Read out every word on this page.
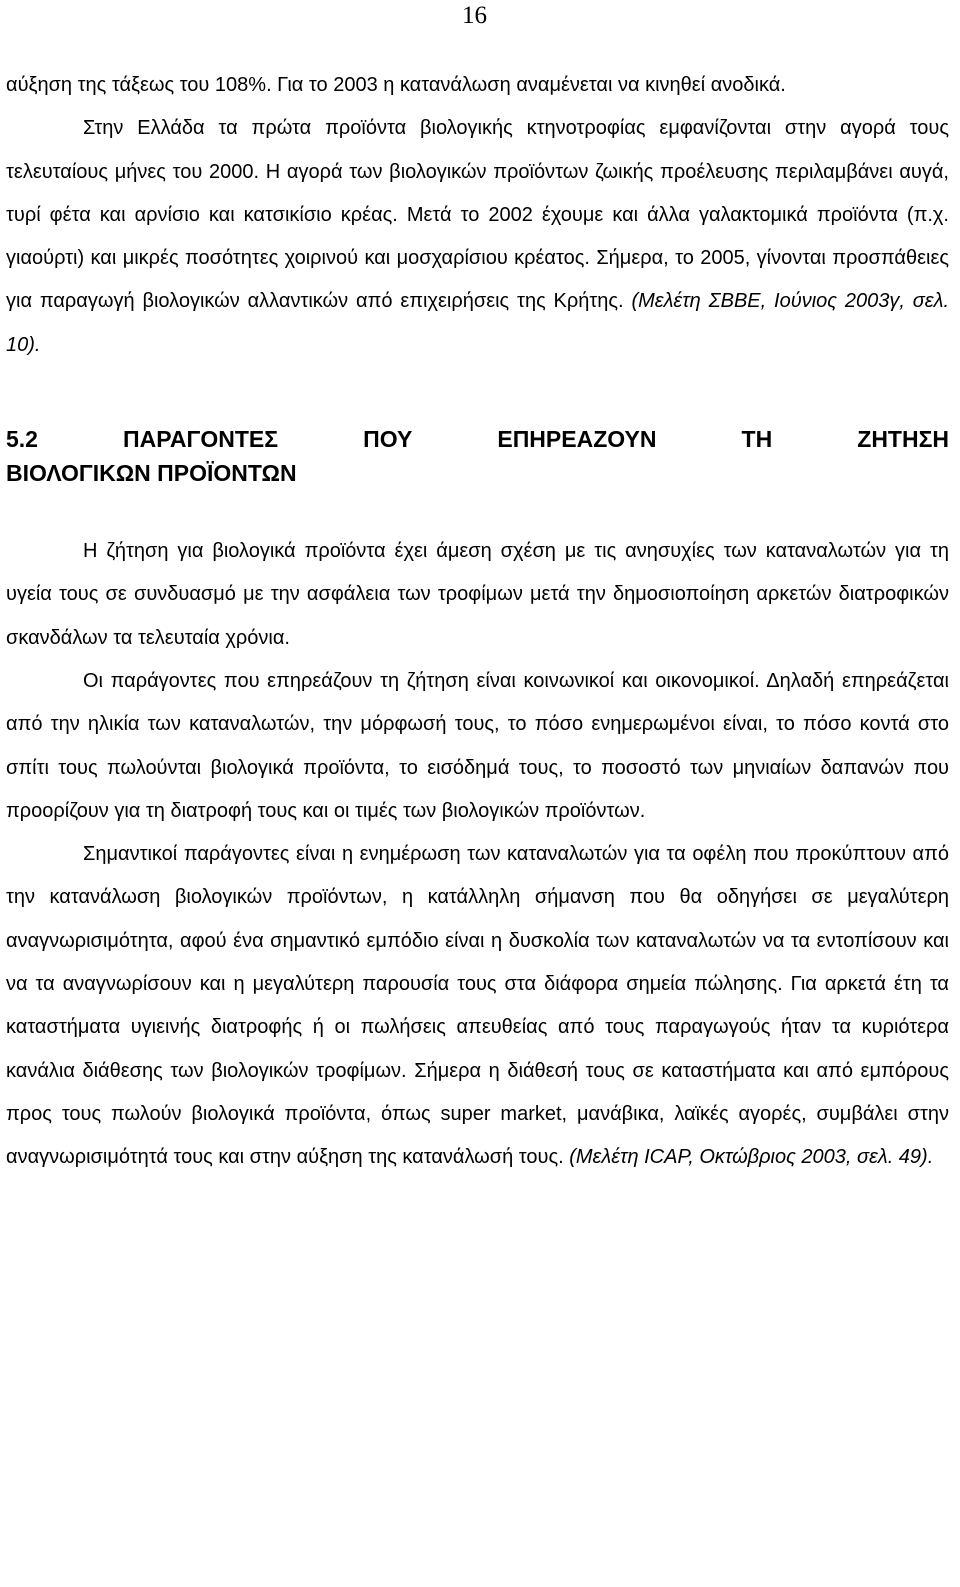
16

αύξηση της τάξεως του 108%. Για το 2003 η κατανάλωση αναμένεται να κινηθεί ανοδικά.

Στην Ελλάδα τα πρώτα προϊόντα βιολογικής κτηνοτροφίας εμφανίζονται στην αγορά τους τελευταίους μήνες του 2000. Η αγορά των βιολογικών προϊόντων ζωικής προέλευσης περιλαμβάνει αυγά, τυρί φέτα και αρνίσιο και κατσικίσιο κρέας. Μετά το 2002 έχουμε και άλλα γαλακτομικά προϊόντα (π.χ. γιαούρτι) και μικρές ποσότητες χοιρινού και μοσχαρίσιου κρέατος. Σήμερα, το 2005, γίνονται προσπάθειες για παραγωγή βιολογικών αλλαντικών από επιχειρήσεις της Κρήτης. (Μελέτη ΣΒΒΕ, Ιούνιος 2003γ, σελ. 10).

5.2	ΠΑΡΑΓΟΝΤΕΣ	ΠΟΥ	ΕΠΗΡΕΑΖΟΥΝ	ΤΗ	ΖΗΤΗΣΗ
ΒΙΟΛΟΓΙΚΩΝ ΠΡΟΪΟΝΤΩΝ

Η ζήτηση για βιολογικά προϊόντα έχει άμεση σχέση με τις ανησυχίες των καταναλωτών για τη υγεία τους σε συνδυασμό με την ασφάλεια των τροφίμων μετά την δημοσιοποίηση αρκετών διατροφικών σκανδάλων τα τελευταία χρόνια.

Οι παράγοντες που επηρεάζουν τη ζήτηση είναι κοινωνικοί και οικονομικοί. Δηλαδή επηρεάζεται από την ηλικία των καταναλωτών, την μόρφωσή τους, το πόσο ενημερωμένοι είναι, το πόσο κοντά στο σπίτι τους πωλούνται βιολογικά προϊόντα, το εισόδημά τους, το ποσοστό των μηνιαίων δαπανών που προορίζουν για τη διατροφή τους και οι τιμές των βιολογικών προϊόντων.

Σημαντικοί παράγοντες είναι η ενημέρωση των καταναλωτών για τα οφέλη που προκύπτουν από την κατανάλωση βιολογικών προϊόντων, η κατάλληλη σήμανση που θα οδηγήσει σε μεγαλύτερη αναγνωρισιμότητα, αφού ένα σημαντικό εμπόδιο είναι η δυσκολία των καταναλωτών να τα εντοπίσουν και να τα αναγνωρίσουν και η μεγαλύτερη παρουσία τους στα διάφορα σημεία πώλησης. Για αρκετά έτη τα καταστήματα υγιεινής διατροφής ή οι πωλήσεις απευθείας από τους παραγωγούς ήταν τα κυριότερα κανάλια διάθεσης των βιολογικών τροφίμων. Σήμερα η διάθεσή τους σε καταστήματα και από εμπόρους προς τους πωλούν βιολογικά προϊόντα, όπως super market, μανάβικα, λαϊκές αγορές, συμβάλει στην αναγνωρισιμότητά τους και στην αύξηση της κατανάλωσή τους. (Μελέτη ICAP, Οκτώβριος 2003, σελ. 49).
